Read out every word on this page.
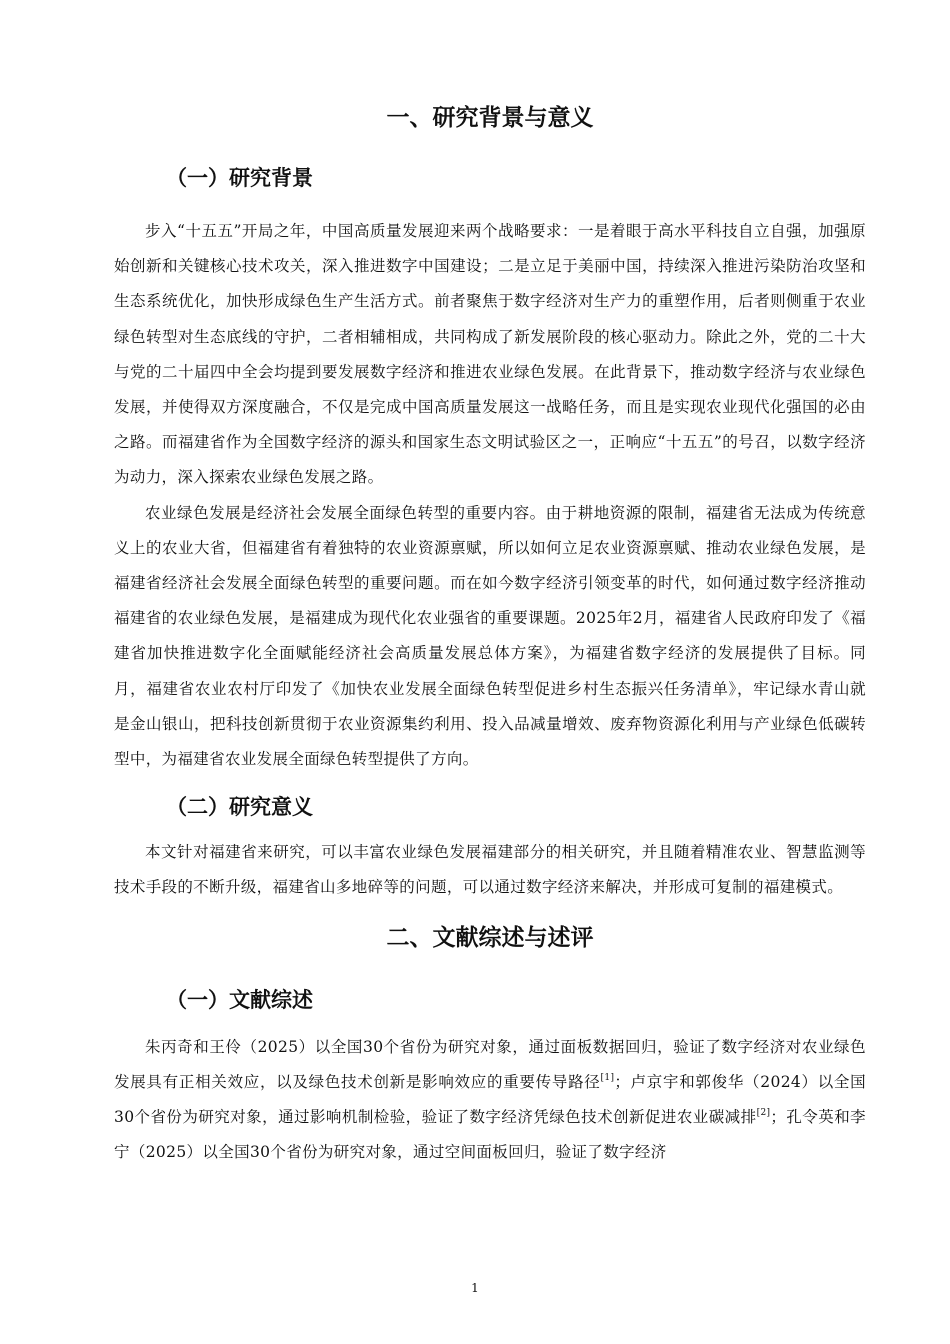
一、研究背景与意义
（一）研究背景

步入“十五五”开局之年，中国高质量发展迎来两个战略要求：一是着眼于高水平科技自立自强，加强原始创新和关键核心技术攻关，深入推进数字中国建设；二是立足于美丽中国，持续深入推进污染防治攻坚和生态系统优化，加快形成绿色生产生活方式。前者聚焦于数字经济对生产力的重塑作用，后者则侧重于农业绿色转型对生态底线的守护，二者相辅相成，共同构成了新发展阶段的核心驱动力。除此之外，党的二十大与党的二十届四中全会均提到要发展数字经济和推进农业绿色发展。在此背景下，推动数字经济与农业绿色发展，并使得双方深度融合，不仅是完成中国高质量发展这一战略任务，而且是实现农业现代化强国的必由之路。而福建省作为全国数字经济的源头和国家生态文明试验区之一，正响应“十五五”的号召，以数字经济为动力，深入探索农业绿色发展之路。

农业绿色发展是经济社会发展全面绿色转型的重要内容。由于耕地资源的限制，福建省无法成为传统意义上的农业大省，但福建省有着独特的农业资源禀赋，所以如何立足农业资源禀赋、推动农业绿色发展，是福建省经济社会发展全面绿色转型的重要问题。而在如今数字经济引领变革的时代，如何通过数字经济推动福建省的农业绿色发展，是福建成为现代化农业强省的重要课题。2025年2月，福建省人民政府印发了《福建省加快推进数字化全面赋能经济社会高质量发展总体方案》，为福建省数字经济的发展提供了目标。同月，福建省农业农村厅印发了《加快农业发展全面绿色转型促进乡村生态振兴任务清单》，牢记绿水青山就是金山银山，把科技创新贯彻于农业资源集约利用、投入品减量增效、废弃物资源化利用与产业绿色低碳转型中，为福建省农业发展全面绿色转型提供了方向。

（二）研究意义

本文针对福建省来研究，可以丰富农业绿色发展福建部分的相关研究，并且随着精准农业、智慧监测等技术手段的不断升级，福建省山多地碎等的问题，可以通过数字经济来解决，并形成可复制的福建模式。

二、文献综述与述评
（一）文献综述

朱丙奇和王伶（2025）以全国30个省份为研究对象，通过面板数据回归，验证了数字经济对农业绿色发展具有正相关效应，以及绿色技术创新是影响效应的重要传导路径[1]；卢京宇和郭俊华（2024）以全国30个省份为研究对象，通过影响机制检验，验证了数字经济凭绿色技术创新促进农业碳减排[2]；孔令英和李宁（2025）以全国30个省份为研究对象，通过空间面板回归，验证了数字经济

1
